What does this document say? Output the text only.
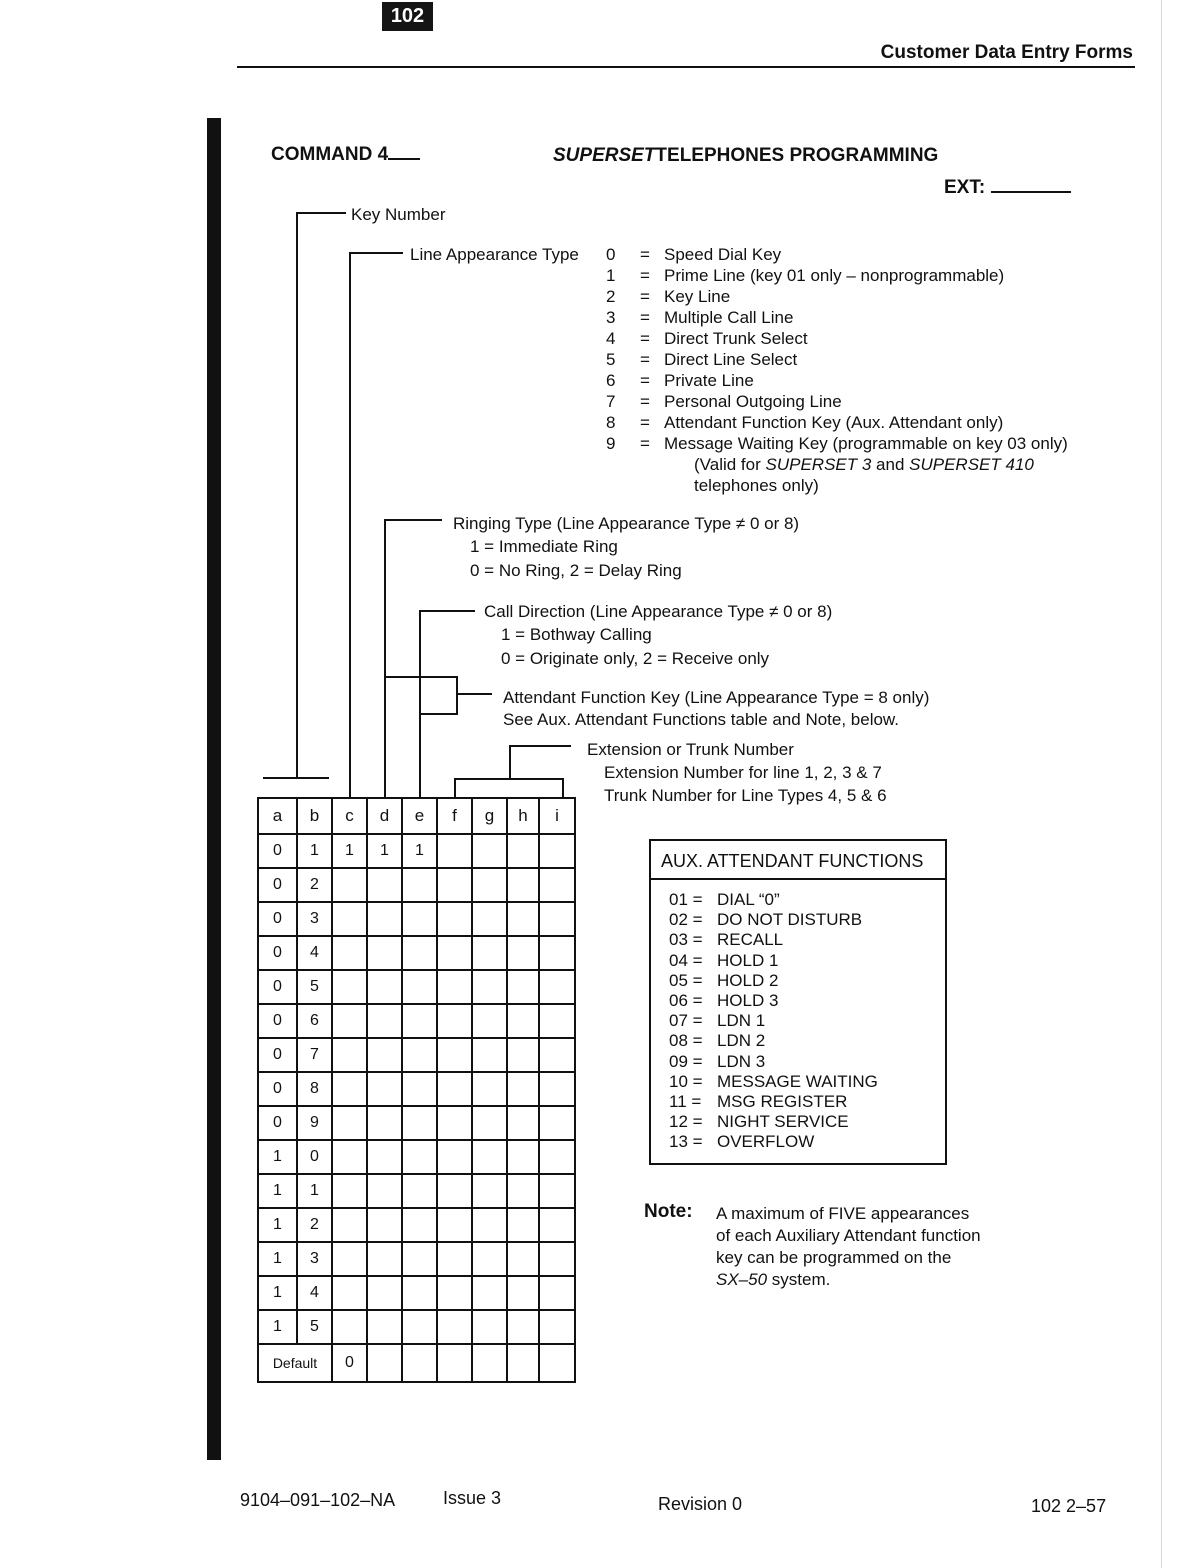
102
Customer Data Entry Forms
COMMAND 4	SUPERSETTELEPHONES PROGRAMMING
EXT:
Key Number
Line Appearance Type 0 = Speed Dial Key
1 = Prime Line (key 01 only – nonprogrammable)
2 = Key Line
3 = Multiple Call Line
4 = Direct Trunk Select
5 = Direct Line Select
6 = Private Line
7 = Personal Outgoing Line
8 = Attendant Function Key (Aux. Attendant only)
9 = Message Waiting Key (programmable on key 03 only)
(Valid for SUPERSET 3 and SUPERSET 410
telephones only)
Ringing Type (Line Appearance Type ≠ 0 or 8)
1 = Immediate Ring
0 = No Ring, 2 = Delay Ring
Call Direction (Line Appearance Type ≠ 0 or 8)
1 = Bothway Calling
0 = Originate only, 2 = Receive only
Attendant Function Key (Line Appearance Type = 8 only)
See Aux. Attendant Functions table and Note, below.
Extension or Trunk Number
Extension Number for line 1, 2, 3 & 7
Trunk Number for Line Types 4, 5 & 6
a	b	c	d	e	f	g	h	i
0	1	1	1	1				
0	2							
0	3							
0	4							
0	5							
0	6							
0	7							
0	8							
0	9							
1	0							
1	1							
1	2							
1	3							
1	4							
1	5							
Default		0						
AUX. ATTENDANT FUNCTIONS
01 = DIAL “0”
02 = DO NOT DISTURB
03 = RECALL
04 = HOLD 1
05 = HOLD 2
06 = HOLD 3
07 = LDN 1
08 = LDN 2
09 = LDN 3
10 = MESSAGE WAITING
11 = MSG REGISTER
12 = NIGHT SERVICE
13 = OVERFLOW
Note: A maximum of FIVE appearances
of each Auxiliary Attendant function
key can be programmed on the
SX–50 system.
9104–091–102–NA	Issue 3	Revision 0	102 2–57
